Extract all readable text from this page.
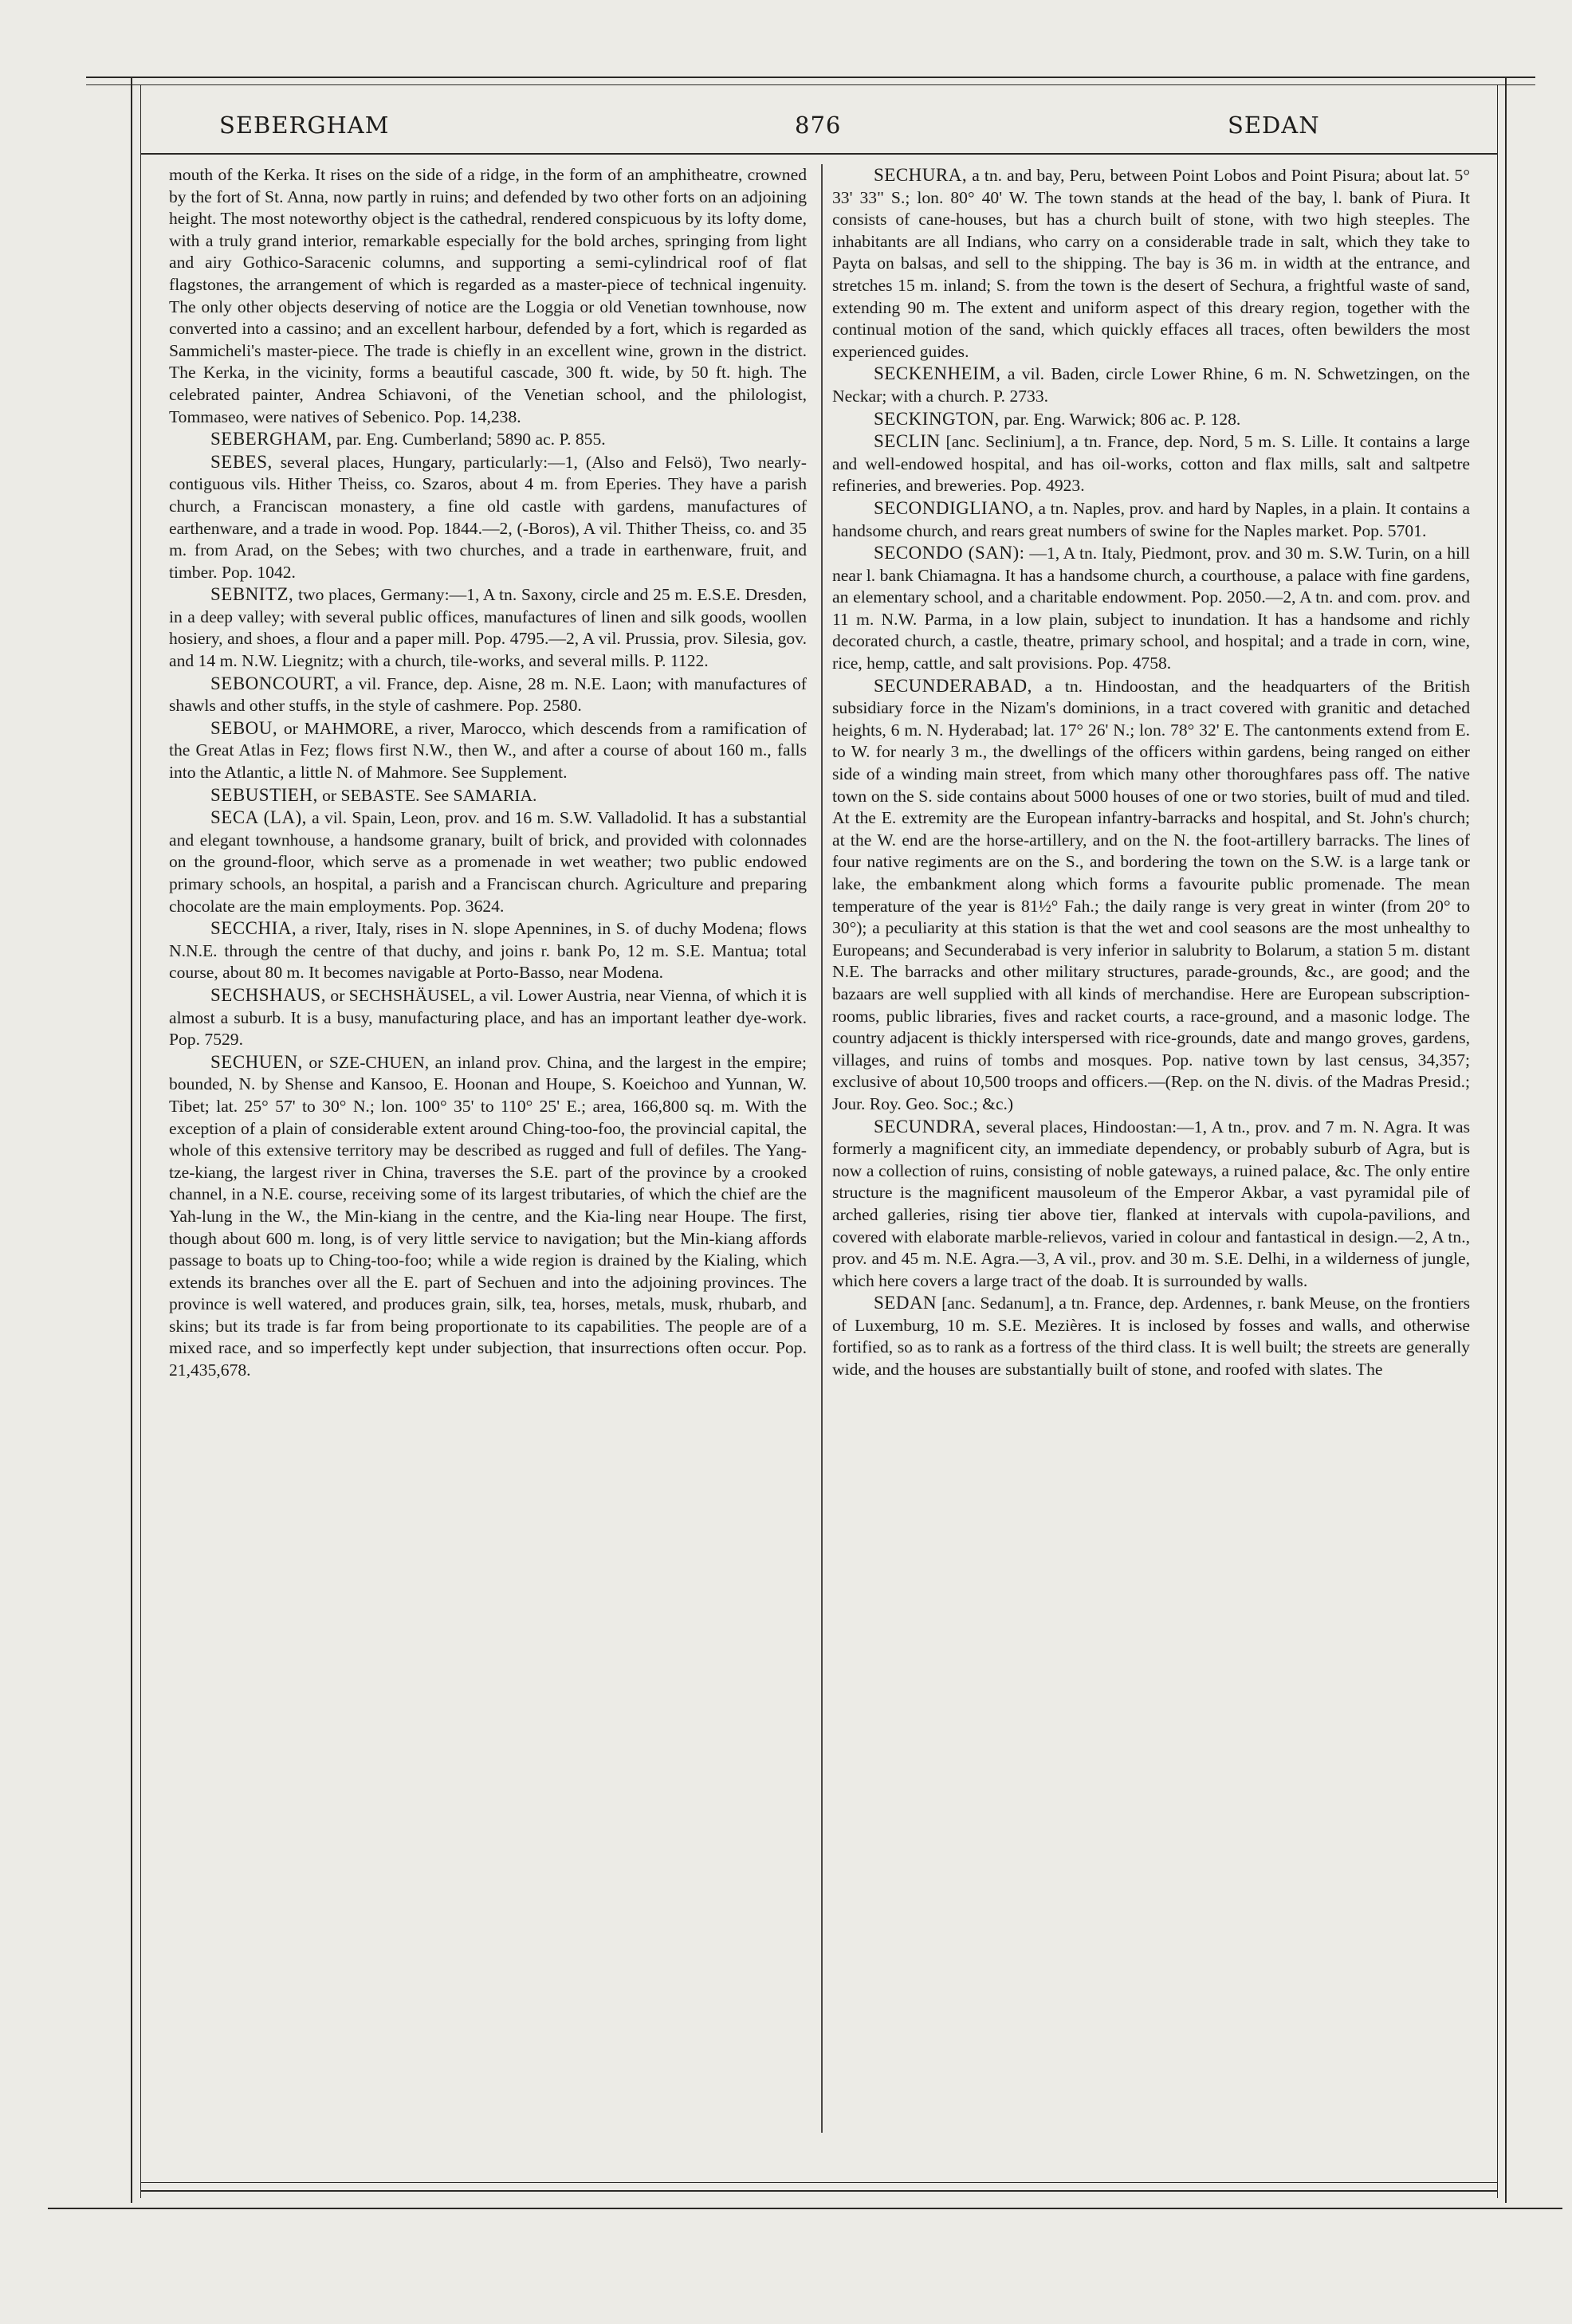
SEBERGHAM	876	SEDAN

mouth of the Kerka. It rises on the side of a ridge, in the form of an amphitheatre, crowned by the fort of St. Anna, now partly in ruins; and defended by two other forts on an adjoining height. The most noteworthy object is the cathedral, rendered conspicuous by its lofty dome, with a truly grand interior, remarkable especially for the bold arches, springing from light and airy Gothico-Saracenic columns, and supporting a semi-cylindrical roof of flat flagstones, the arrangement of which is regarded as a master-piece of technical ingenuity. The only other objects deserving of notice are the Loggia or old Venetian townhouse, now converted into a cassino; and an excellent harbour, defended by a fort, which is regarded as Sammicheli's master-piece. The trade is chiefly in an excellent wine, grown in the district. The Kerka, in the vicinity, forms a beautiful cascade, 300 ft. wide, by 50 ft. high. The celebrated painter, Andrea Schiavoni, of the Venetian school, and the philologist, Tommaseo, were natives of Sebenico. Pop. 14,238.

SEBERGHAM, par. Eng. Cumberland; 5890 ac. P. 855.

SEBES, several places, Hungary, particularly:—1, (Also and Felsö), Two nearly-contiguous vils. Hither Theiss, co. Szaros, about 4 m. from Eperies. They have a parish church, a Franciscan monastery, a fine old castle with gardens, manufactures of earthenware, and a trade in wood. Pop. 1844.—2, (-Boros), A vil. Thither Theiss, co. and 35 m. from Arad, on the Sebes; with two churches, and a trade in earthenware, fruit, and timber. Pop. 1042.

SEBNITZ, two places, Germany:—1, A tn. Saxony, circle and 25 m. E.S.E. Dresden, in a deep valley; with several public offices, manufactures of linen and silk goods, woollen hosiery, and shoes, a flour and a paper mill. Pop. 4795.—2, A vil. Prussia, prov. Silesia, gov. and 14 m. N.W. Liegnitz; with a church, tile-works, and several mills. P. 1122.

SEBONCOURT, a vil. France, dep. Aisne, 28 m. N.E. Laon; with manufactures of shawls and other stuffs, in the style of cashmere. Pop. 2580.

SEBOU, or MAHMORE, a river, Marocco, which descends from a ramification of the Great Atlas in Fez; flows first N.W., then W., and after a course of about 160 m., falls into the Atlantic, a little N. of Mahmore. See Supplement.

SEBUSTIEH, or SEBASTE. See SAMARIA.

SECA (LA), a vil. Spain, Leon, prov. and 16 m. S.W. Valladolid. It has a substantial and elegant townhouse, a handsome granary, built of brick, and provided with colonnades on the ground-floor, which serve as a promenade in wet weather; two public endowed primary schools, an hospital, a parish and a Franciscan church. Agriculture and preparing chocolate are the main employments. Pop. 3624.

SECCHIA, a river, Italy, rises in N. slope Apennines, in S. of duchy Modena; flows N.N.E. through the centre of that duchy, and joins r. bank Po, 12 m. S.E. Mantua; total course, about 80 m. It becomes navigable at Porto-Basso, near Modena.

SECHSHAUS, or SECHSHÄUSEL, a vil. Lower Austria, near Vienna, of which it is almost a suburb. It is a busy, manufacturing place, and has an important leather dye-work. Pop. 7529.

SECHUEN, or SZE-CHUEN, an inland prov. China, and the largest in the empire; bounded, N. by Shense and Kansoo, E. Hoonan and Houpe, S. Koeichoo and Yunnan, W. Tibet; lat. 25° 57' to 30° N.; lon. 100° 35' to 110° 25' E.; area, 166,800 sq. m. With the exception of a plain of considerable extent around Ching-too-foo, the provincial capital, the whole of this extensive territory may be described as rugged and full of defiles. The Yang-tze-kiang, the largest river in China, traverses the S.E. part of the province by a crooked channel, in a N.E. course, receiving some of its largest tributaries, of which the chief are the Yah-lung in the W., the Min-kiang in the centre, and the Kia-ling near Houpe. The first, though about 600 m. long, is of very little service to navigation; but the Min-kiang affords passage to boats up to Ching-too-foo; while a wide region is drained by the Kialing, which extends its branches over all the E. part of Sechuen and into the adjoining provinces. The province is well watered, and produces grain, silk, tea, horses, metals, musk, rhubarb, and skins; but its trade is far from being proportionate to its capabilities. The people are of a mixed race, and so imperfectly kept under subjection, that insurrections often occur. Pop. 21,435,678.

SECHURA, a tn. and bay, Peru, between Point Lobos and Point Pisura; about lat. 5° 33' 33" S.; lon. 80° 40' W. The town stands at the head of the bay, l. bank of Piura. It consists of cane-houses, but has a church built of stone, with two high steeples. The inhabitants are all Indians, who carry on a considerable trade in salt, which they take to Payta on balsas, and sell to the shipping. The bay is 36 m. in width at the entrance, and stretches 15 m. inland; S. from the town is the desert of Sechura, a frightful waste of sand, extending 90 m. The extent and uniform aspect of this dreary region, together with the continual motion of the sand, which quickly effaces all traces, often bewilders the most experienced guides.

SECKENHEIM, a vil. Baden, circle Lower Rhine, 6 m. N. Schwetzingen, on the Neckar; with a church. P. 2733.

SECKINGTON, par. Eng. Warwick; 806 ac. P. 128.

SECLIN [anc. Seclinium], a tn. France, dep. Nord, 5 m. S. Lille. It contains a large and well-endowed hospital, and has oil-works, cotton and flax mills, salt and saltpetre refineries, and breweries. Pop. 4923.

SECONDIGLIANO, a tn. Naples, prov. and hard by Naples, in a plain. It contains a handsome church, and rears great numbers of swine for the Naples market. Pop. 5701.

SECONDO (SAN): —1, A tn. Italy, Piedmont, prov. and 30 m. S.W. Turin, on a hill near l. bank Chiamagna. It has a handsome church, a courthouse, a palace with fine gardens, an elementary school, and a charitable endowment. Pop. 2050.—2, A tn. and com. prov. and 11 m. N.W. Parma, in a low plain, subject to inundation. It has a handsome and richly decorated church, a castle, theatre, primary school, and hospital; and a trade in corn, wine, rice, hemp, cattle, and salt provisions. Pop. 4758.

SECUNDERABAD, a tn. Hindoostan, and the headquarters of the British subsidiary force in the Nizam's dominions, in a tract covered with granitic and detached heights, 6 m. N. Hyderabad; lat. 17° 26' N.; lon. 78° 32' E. The cantonments extend from E. to W. for nearly 3 m., the dwellings of the officers within gardens, being ranged on either side of a winding main street, from which many other thoroughfares pass off. The native town on the S. side contains about 5000 houses of one or two stories, built of mud and tiled. At the E. extremity are the European infantry-barracks and hospital, and St. John's church; at the W. end are the horse-artillery, and on the N. the foot-artillery barracks. The lines of four native regiments are on the S., and bordering the town on the S.W. is a large tank or lake, the embankment along which forms a favourite public promenade. The mean temperature of the year is 81½° Fah.; the daily range is very great in winter (from 20° to 30°); a peculiarity at this station is that the wet and cool seasons are the most unhealthy to Europeans; and Secunderabad is very inferior in salubrity to Bolarum, a station 5 m. distant N.E. The barracks and other military structures, parade-grounds, &c., are good; and the bazaars are well supplied with all kinds of merchandise. Here are European subscription-rooms, public libraries, fives and racket courts, a race-ground, and a masonic lodge. The country adjacent is thickly interspersed with rice-grounds, date and mango groves, gardens, villages, and ruins of tombs and mosques. Pop. native town by last census, 34,357; exclusive of about 10,500 troops and officers.—(Rep. on the N. divis. of the Madras Presid.; Jour. Roy. Geo. Soc.; &c.)

SECUNDRA, several places, Hindoostan:—1, A tn., prov. and 7 m. N. Agra. It was formerly a magnificent city, an immediate dependency, or probably suburb of Agra, but is now a collection of ruins, consisting of noble gateways, a ruined palace, &c. The only entire structure is the magnificent mausoleum of the Emperor Akbar, a vast pyramidal pile of arched galleries, rising tier above tier, flanked at intervals with cupola-pavilions, and covered with elaborate marble-relievos, varied in colour and fantastical in design.—2, A tn., prov. and 45 m. N.E. Agra.—3, A vil., prov. and 30 m. S.E. Delhi, in a wilderness of jungle, which here covers a large tract of the doab. It is surrounded by walls.

SEDAN [anc. Sedanum], a tn. France, dep. Ardennes, r. bank Meuse, on the frontiers of Luxemburg, 10 m. S.E. Mezières. It is inclosed by fosses and walls, and otherwise fortified, so as to rank as a fortress of the third class. It is well built; the streets are generally wide, and the houses are substantially built of stone, and roofed with slates. The
